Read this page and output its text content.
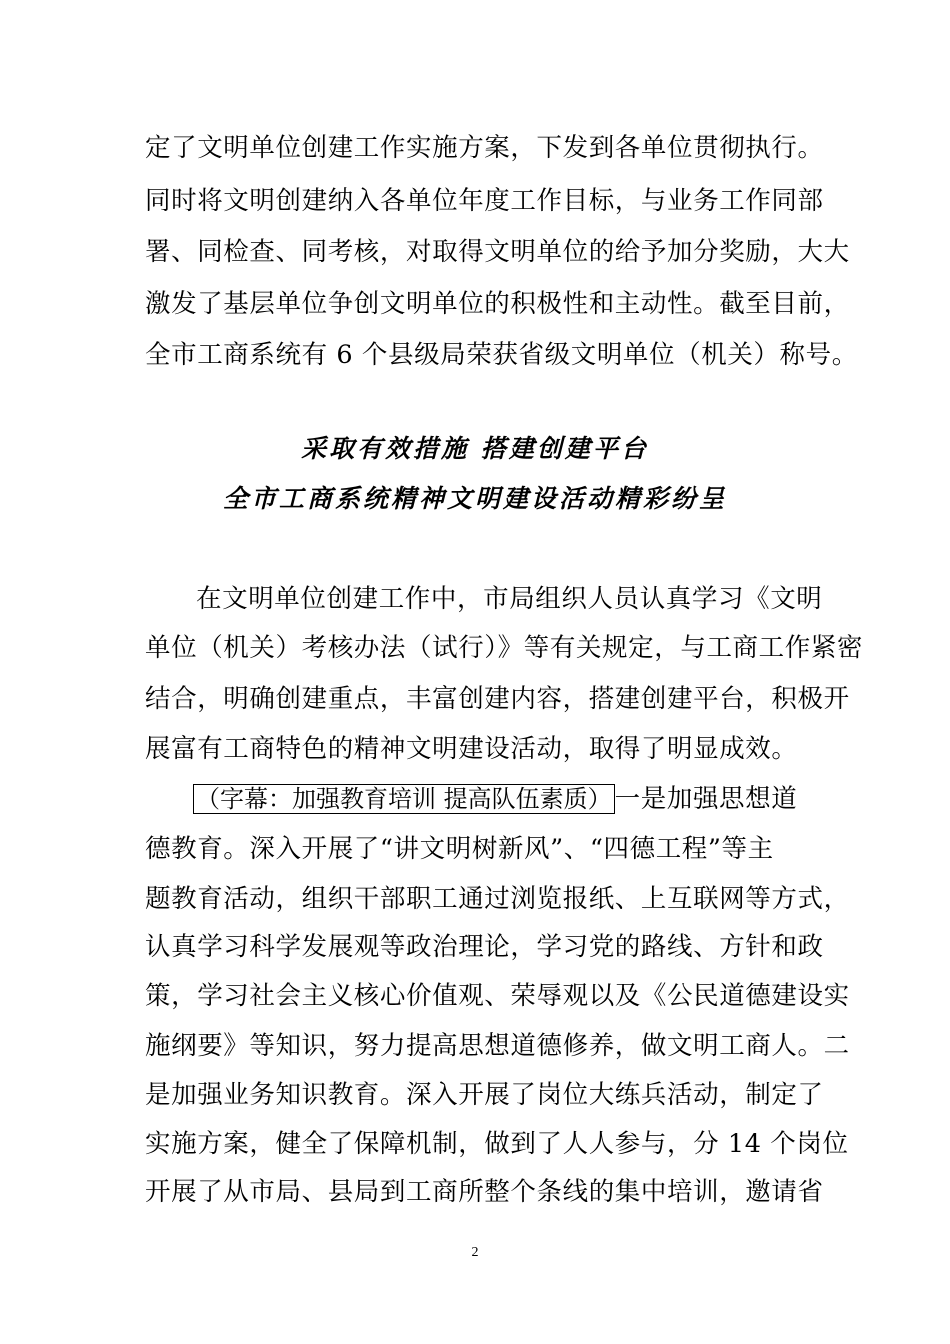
定了文明单位创建工作实施方案，下发到各单位贯彻执行。
同时将文明创建纳入各单位年度工作目标，与业务工作同部
署、同检查、同考核，对取得文明单位的给予加分奖励，大大
激发了基层单位争创文明单位的积极性和主动性。截至目前，
全市工商系统有 6 个县级局荣获省级文明单位（机关）称号。
采取有效措施 搭建创建平台
全市工商系统精神文明建设活动精彩纷呈
在文明单位创建工作中，市局组织人员认真学习《文明
单位（机关）考核办法（试行）》等有关规定，与工商工作紧密
结合，明确创建重点，丰富创建内容，搭建创建平台，积极开
展富有工商特色的精神文明建设活动，取得了明显成效。
（字幕：加强教育培训 提高队伍素质） 一是加强思想道
德教育。深入开展了“讲文明树新风”、“四德工程”等主
题教育活动，组织干部职工通过浏览报纸、上互联网等方式，
认真学习科学发展观等政治理论，学习党的路线、方针和政
策，学习社会主义核心价值观、荣辱观以及《公民道德建设实
施纲要》等知识，努力提高思想道德修养，做文明工商人。二
是加强业务知识教育。深入开展了岗位大练兵活动，制定了
实施方案，健全了保障机制，做到了人人参与，分 14 个岗位
开展了从市局、县局到工商所整个条线的集中培训，邀请省
2
